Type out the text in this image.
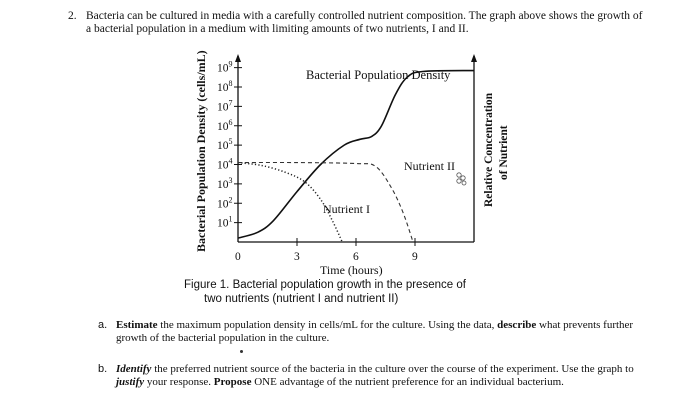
2. Bacteria can be cultured in media with a carefully controlled nutrient composition. The graph above shows the growth of a bacterial population in a medium with limiting amounts of two nutrients, I and II.
$10^1$
$10^2$
$10^3$
$10^4$
$10^5$
$10^6$
$10^7$
$10^8$
$10^9$
0	3	6	9
Bacterial Population Density (cells/mL)	Relative Concentration of Nutrient
Bacterial Population Density
Nutrient II
Nutrient I
Time (hours)
Figure 1. Bacterial population growth in the presence of
two nutrients (nutrient I and nutrient II)
a. Estimate the maximum population density in cells/mL for the culture. Using the data, describe what prevents further growth of the bacterial population in the culture.
b. Identify the preferred nutrient source of the bacteria in the culture over the course of the experiment. Use the graph to justify your response. Propose ONE advantage of the nutrient preference for an individual bacterium.
